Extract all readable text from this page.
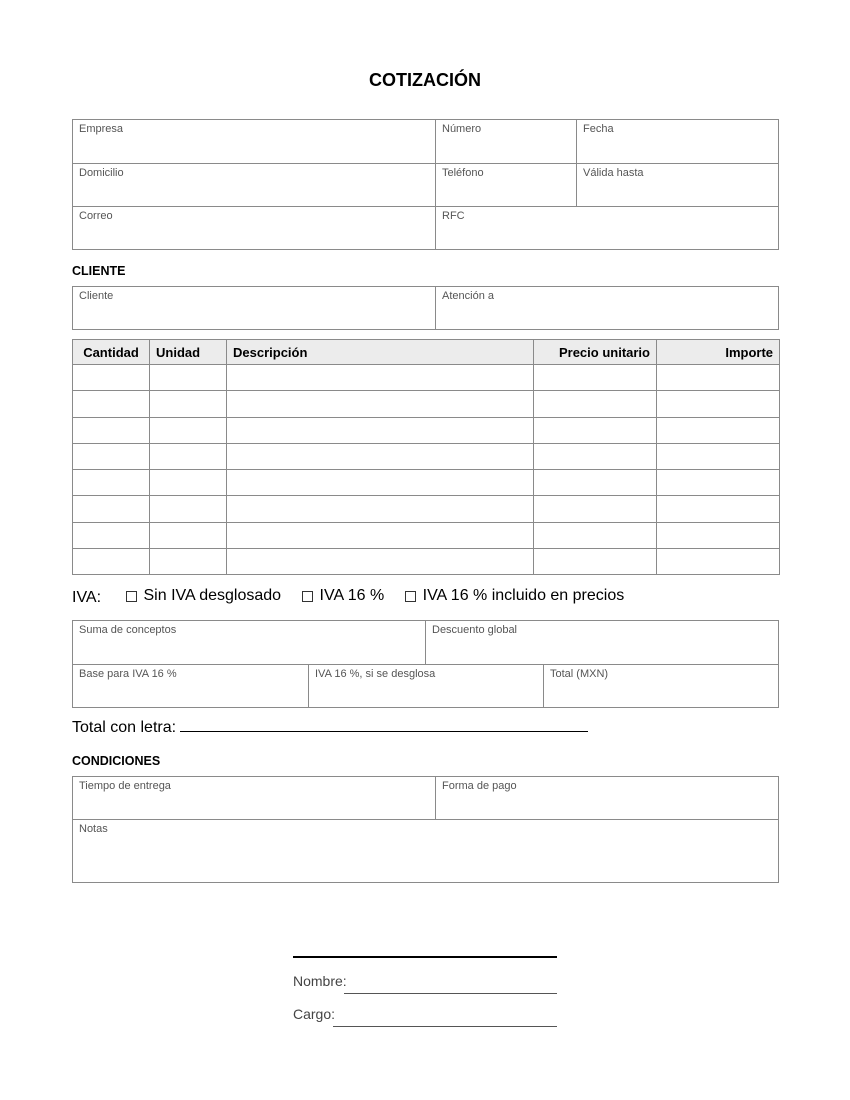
COTIZACIÓN
Empresa	Número	Fecha
Domicilio	Teléfono	Válida hasta
Correo	RFC
CLIENTE
Cliente	Atención a
Cantidad	Unidad	Descripción	Precio unitario	Importe

IVA:	Sin IVA desglosado
IVA 16 %
IVA 16 % incluido en precios
Suma de conceptos	Descuento global
Base para IVA 16 %	IVA 16 %, si se desglosa	Total (MXN)
Total con letra:
CONDICIONES
Tiempo de entrega	Forma de pago
Notas
Nombre:
Cargo:
